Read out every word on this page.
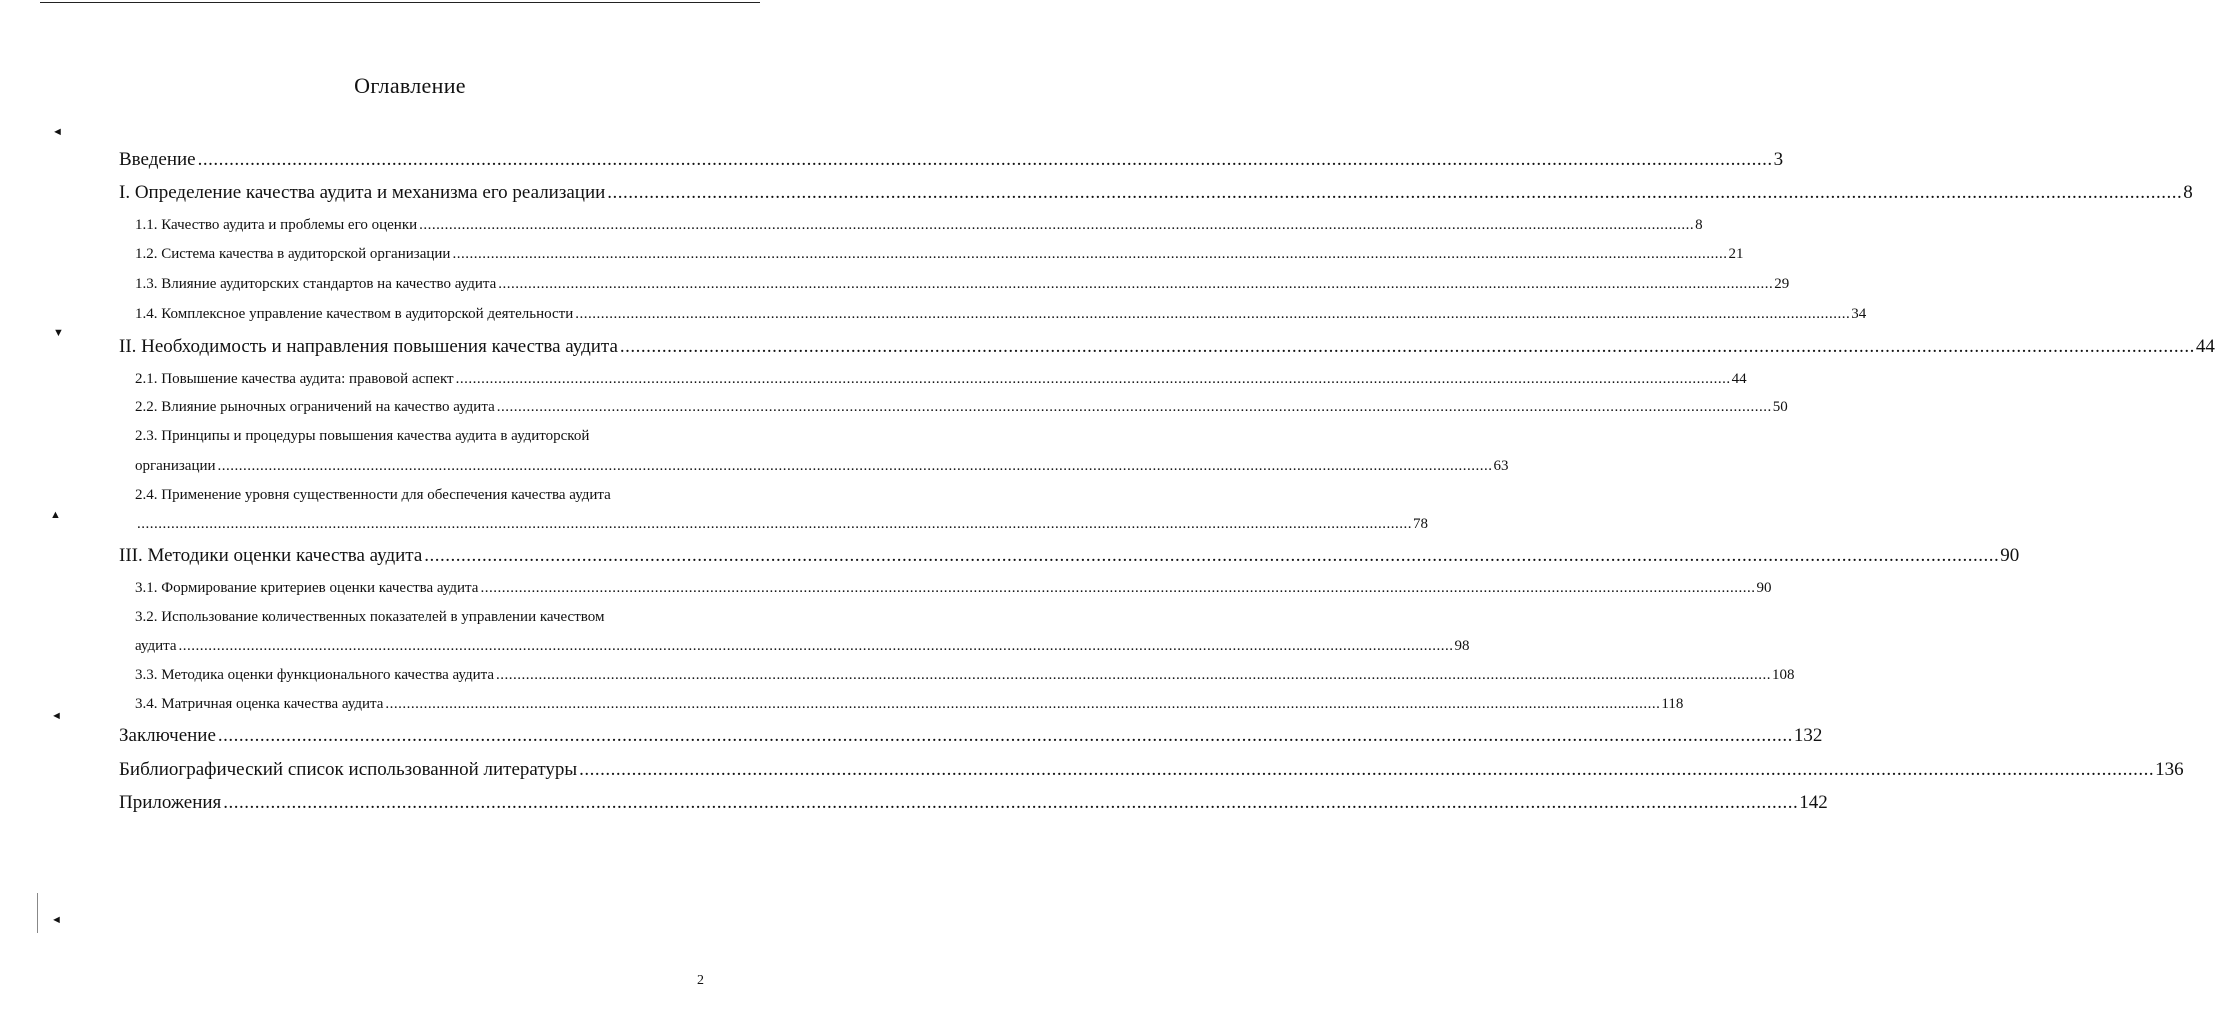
Оглавление
Введение ............................................................................................................................................................................................................................................................................................................ 3
I. Определение качества аудита и механизма его реализации ............................................................................................................................................................................................................................................................................................................ 8
1.1. Качество аудита и проблемы его оценки ............................................................................................................................................................................................................................................................................................................ 8
1.2. Система качества в аудиторской организации ............................................................................................................................................................................................................................................................................................................ 21
1.3. Влияние аудиторских стандартов на качество аудита ............................................................................................................................................................................................................................................................................................................ 29
1.4. Комплексное управление качеством в аудиторской деятельности ............................................................................................................................................................................................................................................................................................................ 34
II. Необходимость и направления повышения качества аудита ............................................................................................................................................................................................................................................................................................................ 44
2.1. Повышение качества аудита: правовой аспект ............................................................................................................................................................................................................................................................................................................ 44
2.2. Влияние рыночных ограничений на качество аудита ............................................................................................................................................................................................................................................................................................................ 50
2.3. Принципы и процедуры повышения качества аудита в аудиторской
организации ............................................................................................................................................................................................................................................................................................................ 63
2.4. Применение уровня существенности для обеспечения качества аудита
............................................................................................................................................................................................................................................................................................................ 78
III. Методики оценки качества аудита ............................................................................................................................................................................................................................................................................................................ 90
3.1. Формирование критериев оценки качества аудита ............................................................................................................................................................................................................................................................................................................ 90
3.2. Использование количественных показателей в управлении качеством
аудита ............................................................................................................................................................................................................................................................................................................ 98
3.3. Методика оценки функционального качества аудита ............................................................................................................................................................................................................................................................................................................ 108
3.4. Матричная оценка качества аудита ............................................................................................................................................................................................................................................................................................................ 118
Заключение ............................................................................................................................................................................................................................................................................................................ 132
Библиографический список использованной литературы ............................................................................................................................................................................................................................................................................................................ 136
Приложения ............................................................................................................................................................................................................................................................................................................ 142
2
◄
▼
▲
◄
◄
